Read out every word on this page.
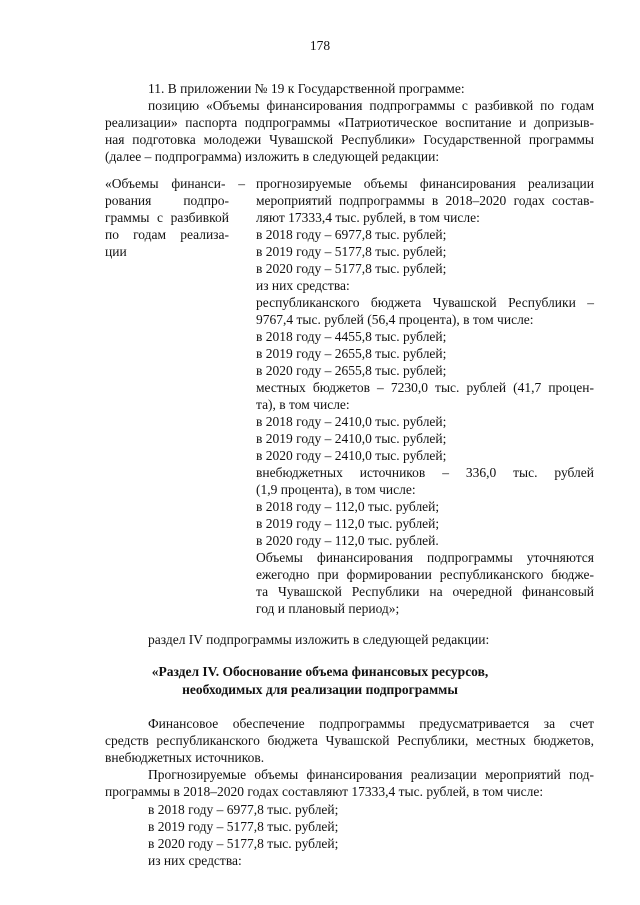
178
11. В приложении № 19 к Государственной программе:
позицию «Объемы финансирования подпрограммы с разбивкой по годам
реализации» паспорта подпрограммы «Патриотическое воспитание и допризыв-
ная подготовка молодежи Чувашской Республики» Государственной программы
(далее – подпрограмма) изложить в следующей редакции:
«Объемы финанси- –
рования подпро-
граммы с разбивкой
по годам реализа-
ции
прогнозируемые объемы финансирования реализации
мероприятий подпрограммы в 2018–2020 годах состав-
ляют 17333,4 тыс. рублей, в том числе:
в 2018 году – 6977,8 тыс. рублей;
в 2019 году – 5177,8 тыс. рублей;
в 2020 году – 5177,8 тыс. рублей;
из них средства:
республиканского бюджета Чувашской Республики –
9767,4 тыс. рублей (56,4 процента), в том числе:
в 2018 году – 4455,8 тыс. рублей;
в 2019 году – 2655,8 тыс. рублей;
в 2020 году – 2655,8 тыс. рублей;
местных бюджетов – 7230,0 тыс. рублей (41,7 процен-
та), в том числе:
в 2018 году – 2410,0 тыс. рублей;
в 2019 году – 2410,0 тыс. рублей;
в 2020 году – 2410,0 тыс. рублей;
внебюджетных источников – 336,0 тыс. рублей
(1,9 процента), в том числе:
в 2018 году – 112,0 тыс. рублей;
в 2019 году – 112,0 тыс. рублей;
в 2020 году – 112,0 тыс. рублей.
Объемы финансирования подпрограммы уточняются
ежегодно при формировании республиканского бюдже-
та Чувашской Республики на очередной финансовый
год и плановый период»;
раздел IV подпрограммы изложить в следующей редакции:
«Раздел IV. Обоснование объема финансовых ресурсов,
необходимых для реализации подпрограммы
Финансовое обеспечение подпрограммы предусматривается за счет
средств республиканского бюджета Чувашской Республики, местных бюджетов,
внебюджетных источников.
Прогнозируемые объемы финансирования реализации мероприятий под-
программы в 2018–2020 годах составляют 17333,4 тыс. рублей, в том числе:
в 2018 году – 6977,8 тыс. рублей;
в 2019 году – 5177,8 тыс. рублей;
в 2020 году – 5177,8 тыс. рублей;
из них средства:
